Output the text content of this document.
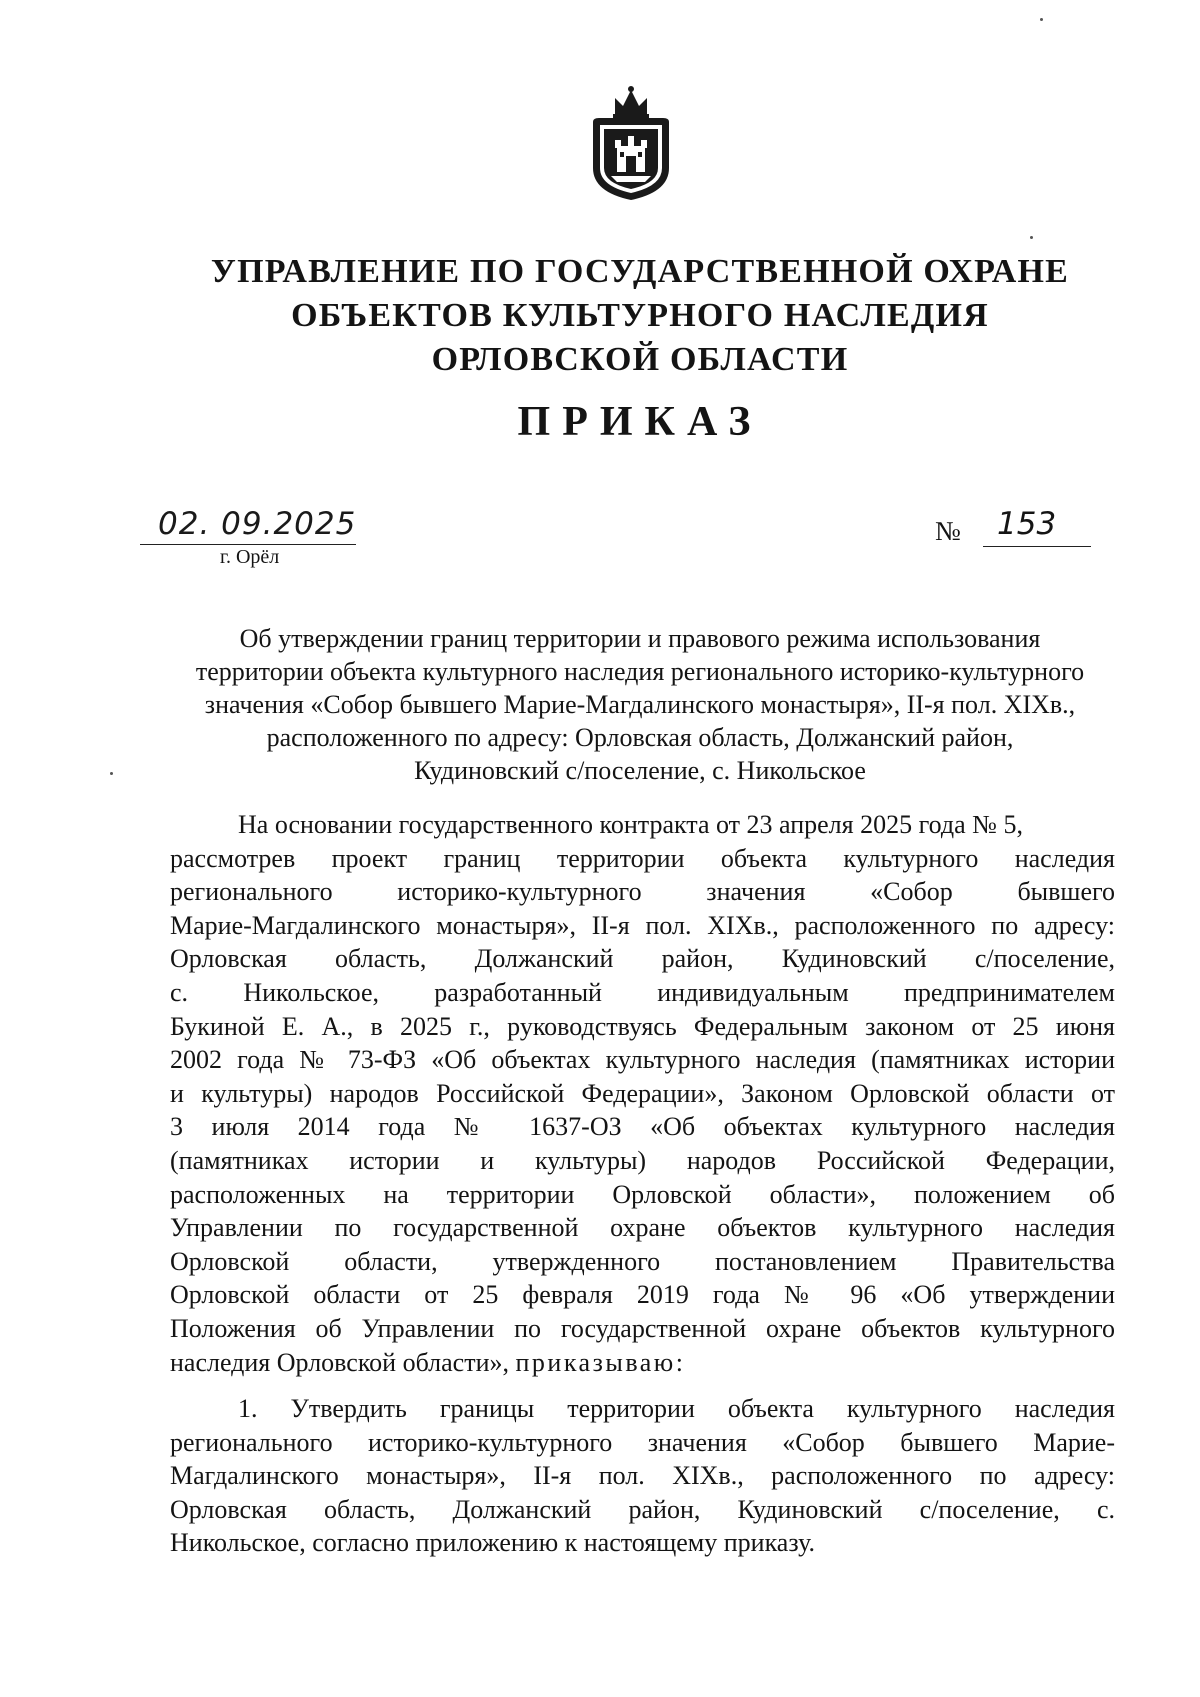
УПРАВЛЕНИЕ ПО ГОСУДАРСТВЕННОЙ ОХРАНЕ
ОБЪЕКТОВ КУЛЬТУРНОГО НАСЛЕДИЯ
ОРЛОВСКОЙ ОБЛАСТИ
ПРИКАЗ
02. 09.2025
г. Орёл
№ 153
Об утверждении границ территории и правового режима использования
территории объекта культурного наследия регионального историко-культурного
значения «Собор бывшего Марие-Магдалинского монастыря», II-я пол. XIXв.,
расположенного по адресу: Орловская область, Должанский район,
Кудиновский с/поселение, с. Никольское
На основании государственного контракта от 23 апреля 2025 года № 5,
рассмотрев проект границ территории объекта культурного наследия
регионального историко-культурного значения «Собор бывшего
Марие-Магдалинского монастыря», II-я пол. XIXв., расположенного по адресу:
Орловская область, Должанский район, Кудиновский с/поселение,
с. Никольское, разработанный индивидуальным предпринимателем
Букиной Е. А., в 2025 г., руководствуясь Федеральным законом от 25 июня
2002 года № 73-ФЗ «Об объектах культурного наследия (памятниках истории
и культуры) народов Российской Федерации», Законом Орловской области от
3 июля 2014 года № 1637-ОЗ «Об объектах культурного наследия
(памятниках истории и культуры) народов Российской Федерации,
расположенных на территории Орловской области», положением об
Управлении по государственной охране объектов культурного наследия
Орловской области, утвержденного постановлением Правительства
Орловской области от 25 февраля 2019 года № 96 «Об утверждении
Положения об Управлении по государственной охране объектов культурного
наследия Орловской области», приказываю:
1. Утвердить границы территории объекта культурного наследия
регионального историко-культурного значения «Собор бывшего Марие-
Магдалинского монастыря», II-я пол. XIXв., расположенного по адресу:
Орловская область, Должанский район, Кудиновский с/поселение, с.
Никольское, согласно приложению к настоящему приказу.
